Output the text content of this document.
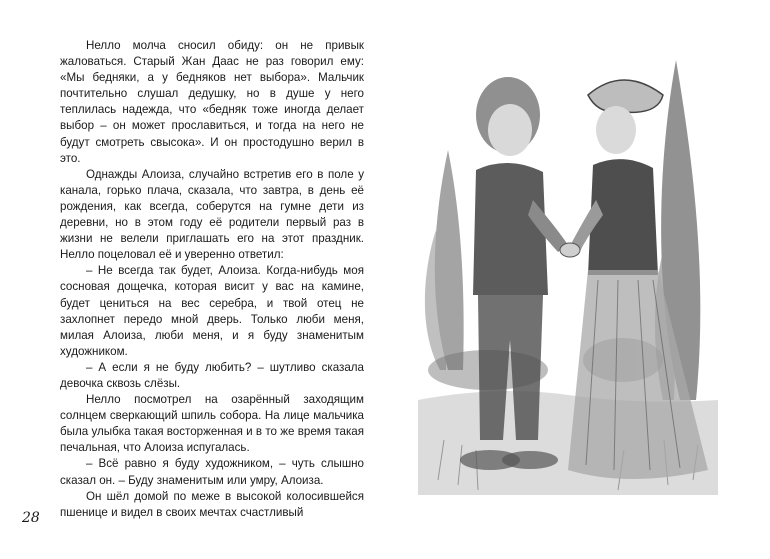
Нелло молча сносил обиду: он не привык жаловаться. Старый Жан Даас не раз говорил ему: «Мы бедняки, а у бедняков нет выбора». Мальчик почтительно слушал дедушку, но в душе у него теплилась надежда, что «бедняк тоже иногда делает выбор – он может прославиться, и тогда на него не будут смотреть свысока». И он простодушно верил в это.

Однажды Алоиза, случайно встретив его в поле у канала, горько плача, сказала, что завтра, в день её рождения, как всегда, соберутся на гумне дети из деревни, но в этом году её родители первый раз в жизни не велели приглашать его на этот праздник. Нелло поцеловал её и уверенно ответил:

– Не всегда так будет, Алоиза. Когда-нибудь моя сосновая дощечка, которая висит у вас на камине, будет цениться на вес серебра, и твой отец не захлопнет передо мной дверь. Только люби меня, милая Алоиза, люби меня, и я буду знаменитым художником.

– А если я не буду любить? – шутливо сказала девочка сквозь слёзы.

Нелло посмотрел на озарённый заходящим солнцем сверкающий шпиль собора. На лице мальчика была улыбка такая восторженная и в то же время такая печальная, что Алоиза испугалась.

– Всё равно я буду художником, – чуть слышно сказал он. – Буду знаменитым или умру, Алоиза.

Он шёл домой по меже в высокой колосившейся пшенице и видел в своих мечтах счастливый

28
